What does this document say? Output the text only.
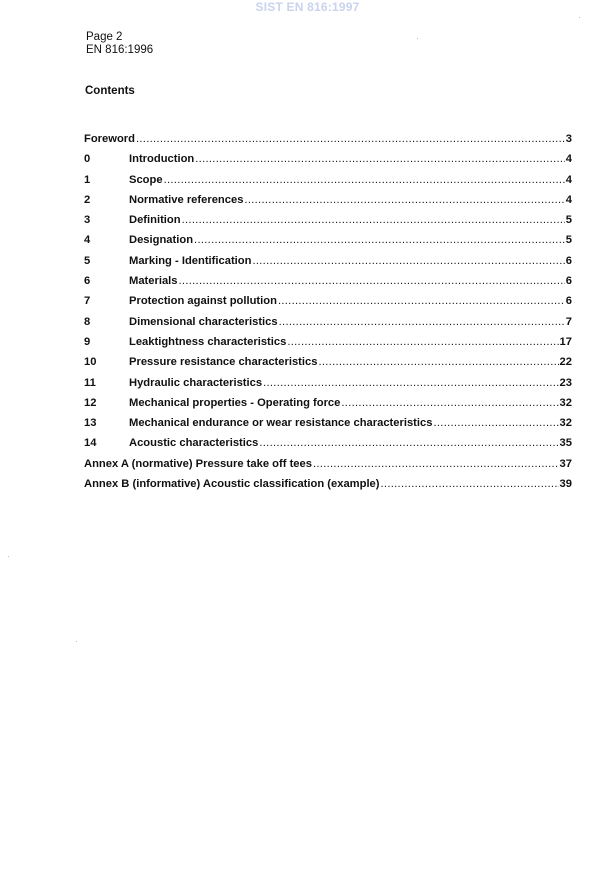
SIST EN 816:1997
Page 2
EN 816:1996
Contents
Foreword .....	3
0	Introduction .....	4
1	Scope .....	4
2	Normative references .....	4
3	Definition .....	5
4	Designation .....	5
5	Marking - Identification .....	6
6	Materials .....	6
7	Protection against pollution .....	6
8	Dimensional characteristics .....	7
9	Leaktightness characteristics .....	17
10	Pressure resistance characteristics .....	22
11	Hydraulic characteristics .....	23
12	Mechanical properties - Operating force .....	32
13	Mechanical endurance or wear resistance characteristics .....	32
14	Acoustic characteristics .....	35
Annex A (normative) Pressure take off tees .....	37
Annex B (informative) Acoustic classification (example) .....	39
